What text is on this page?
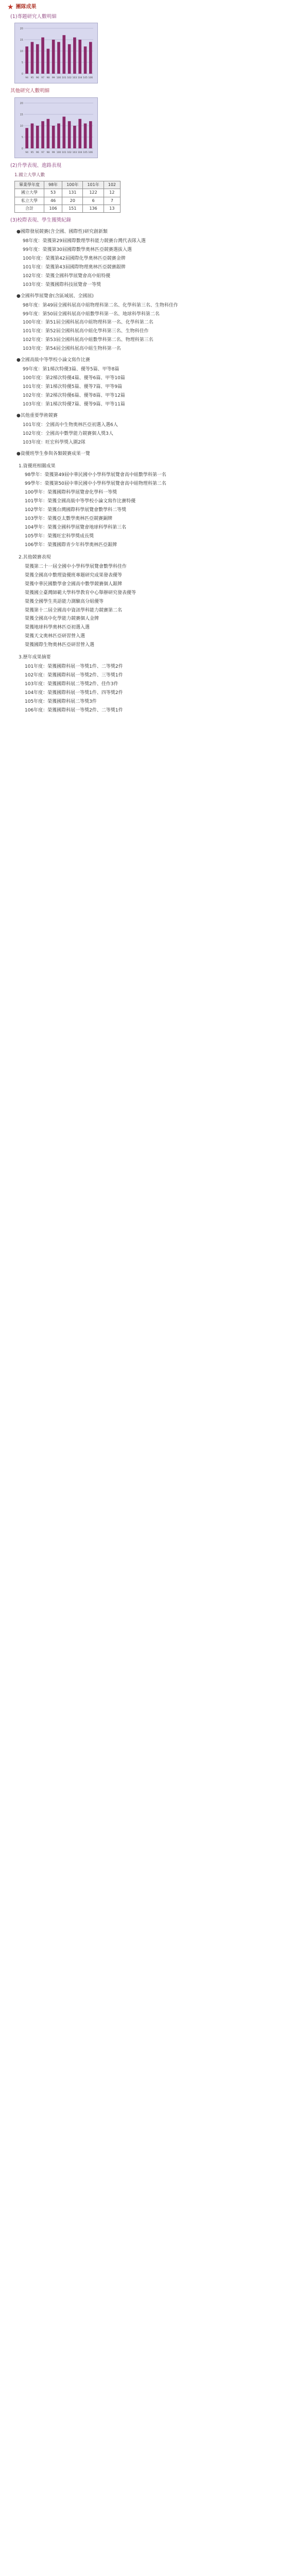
★ 團隊成果
(1)專題研究人數明細
0
5
10
15
20
94 95 96 97 98 99 100 101 102 103 104 105 106
其他研究人數明細
0
5
10
15
20
94 95 96 97 98 99 100 101 102 103 104 105 106
(2)升學表現、進路表現
1.國立大學人數
畢業學年度	98年	100年	101年	102
國立大學	53	131	122	12
私立大學	46	20	6	7
合計	106	151	136	13
(3)校際表現、學生獲獎紀錄
●國際發展競賽(含全國、國際性)研究創新類
98年度：榮獲第29屆國際數理學科能力競賽台灣代表隊入選
99年度：榮獲第30屆國際數學奧林匹亞競賽選拔入選
100年度：榮獲第42屆國際化學奧林匹亞競賽金牌
101年度：榮獲第43屆國際物理奧林匹亞競賽銀牌
102年度：榮獲全國科學展覽會高中組特優
103年度：榮獲國際科技展覽會一等獎
●全國科學展覽會(含區域展、全國展)
98年度：第49屆全國科展高中組物理科第二名、化學科第三名、生物科佳作
99年度：第50屆全國科展高中組數學科第一名、地球科學科第二名
100年度：第51屆全國科展高中組物理科第一名、化學科第二名
101年度：第52屆全國科展高中組化學科第三名、生物科佳作
102年度：第53屆全國科展高中組數學科第二名、物理科第三名
103年度：第54屆全國科展高中組生物科第一名
●全國高級中等學校小論文寫作比賽
99年度：第1梯次特優3篇、優等5篇、甲等8篇
100年度：第2梯次特優4篇、優等6篇、甲等10篇
101年度：第1梯次特優5篇、優等7篇、甲等9篇
102年度：第2梯次特優6篇、優等8篇、甲等12篇
103年度：第1梯次特優7篇、優等9篇、甲等11篇
●其他重要學術競賽
101年度：全國高中生物奧林匹亞初選入選6人
102年度：全國高中數學能力競賽個人獎3人
103年度：旺宏科學獎入圍2隊
●資優班學生參與各類競賽成果一覽
1.資優班相關成果
98學年：榮獲第49屆中華民國中小學科學展覽會高中組數學科第一名
99學年：榮獲第50屆中華民國中小學科學展覽會高中組物理科第二名
100學年：榮獲國際科學展覽會化學科一等獎
101學年：榮獲全國高級中等學校小論文寫作比賽特優
102學年：榮獲台灣國際科學展覽會數學科二等獎
103學年：榮獲亞太數學奧林匹亞競賽銅牌
104學年：榮獲全國科學展覽會地球科學科第三名
105學年：榮獲旺宏科學獎成長獎
106學年：榮獲國際青少年科學奧林匹亞銀牌
2.其他競賽表現
榮獲第二十一屆全國中小學科學展覽會數學科佳作
榮獲全國高中數理資優班專題研究成果發表優等
榮獲中華民國數學會全國高中數學競賽個人銀牌
榮獲國立臺灣師範大學科學教育中心舉辦研究發表優等
榮獲全國學生英語能力測驗高分組優等
榮獲第十二屆全國高中資訊學科能力競賽第二名
榮獲全國高中化學能力競賽個人金牌
榮獲地球科學奧林匹亞初選入選
榮獲天文奧林匹亞研習營入選
榮獲國際生物奧林匹亞研習營入選
3.歷年成果摘要
101年度：榮獲國際科展一等獎1件、二等獎2件
102年度：榮獲國際科展一等獎2件、三等獎1件
103年度：榮獲國際科展二等獎2件、佳作3件
104年度：榮獲國際科展一等獎1件、四等獎2件
105年度：榮獲國際科展二等獎3件
106年度：榮獲國際科展一等獎2件、二等獎1件
